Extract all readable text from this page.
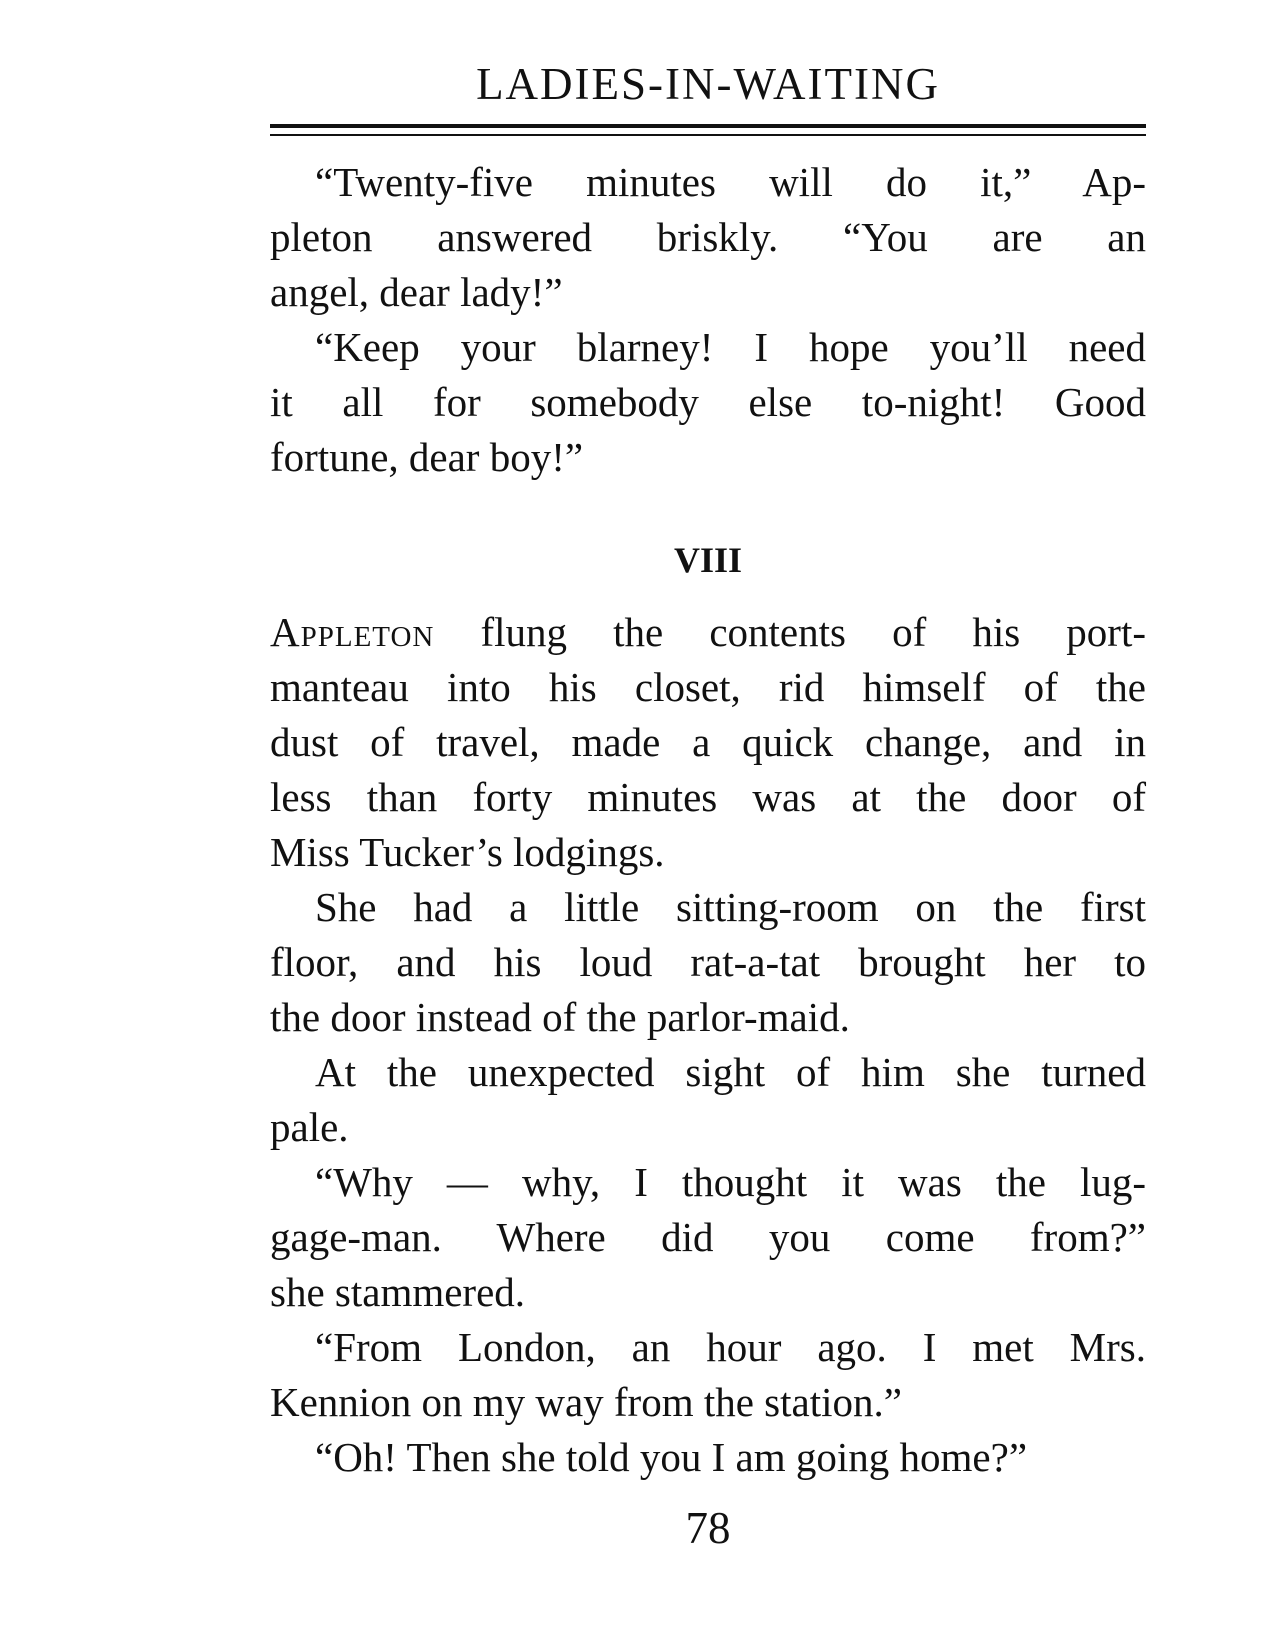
LADIES-IN-WAITING
“Twenty-five minutes will do it,” Ap-
pleton answered briskly. “You are an
angel, dear lady!”
“Keep your blarney! I hope you’ll need
it all for somebody else to-night! Good
fortune, dear boy!”
VIII
Appleton flung the contents of his port-
manteau into his closet, rid himself of the
dust of travel, made a quick change, and in
less than forty minutes was at the door of
Miss Tucker’s lodgings.
She had a little sitting-room on the first
floor, and his loud rat-a-tat brought her to
the door instead of the parlor-maid.
At the unexpected sight of him she turned
pale.
“Why — why, I thought it was the lug-
gage-man. Where did you come from?”
she stammered.
“From London, an hour ago. I met Mrs.
Kennion on my way from the station.”
“Oh! Then she told you I am going home?”
78
